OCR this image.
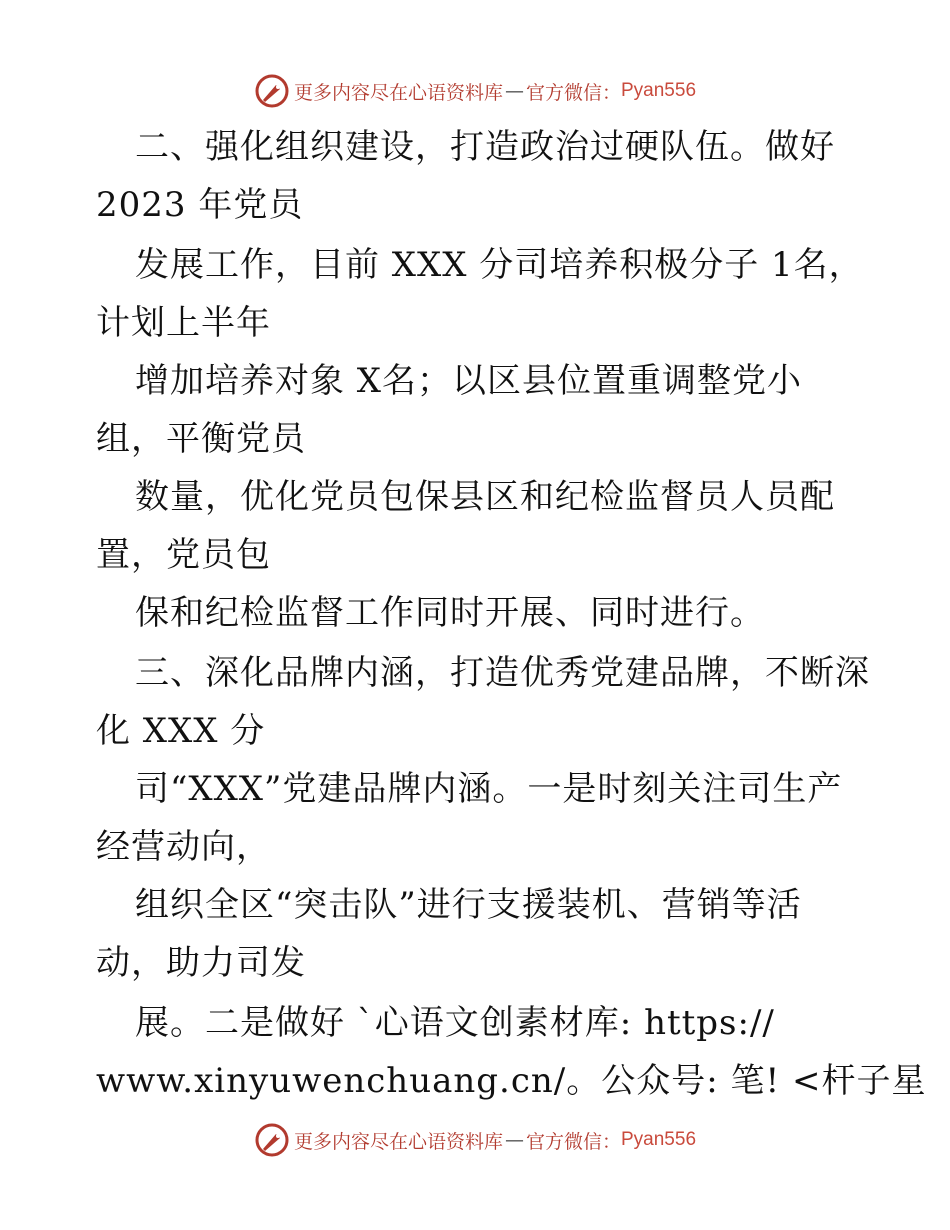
更多内容尽在心语资料库 — 官方微信： Pyan556
二、强化组织建设，打造政治过硬队伍。做好
2023 年党员
发展工作，目前 XXX 分司培养积极分子 1名，
计划上半年
增加培养对象 X名；以区县位置重调整党小
组，平衡党员
数量，优化党员包保县区和纪检监督员人员配
置，党员包
保和纪检监督工作同时开展、同时进行。
三、深化品牌内涵，打造优秀党建品牌，不断深
化 XXX 分
司“XXX”党建品牌内涵。一是时刻关注司生产
经营动向，
组织全区“突击队”进行支援装机、营销等活
动，助力司发
展。二是做好 `心语文创素材库: https://
www.xinyuwenchuang.cn/。公众号: 笔! <杆子星
更多内容尽在心语资料库 — 官方微信： Pyan556
